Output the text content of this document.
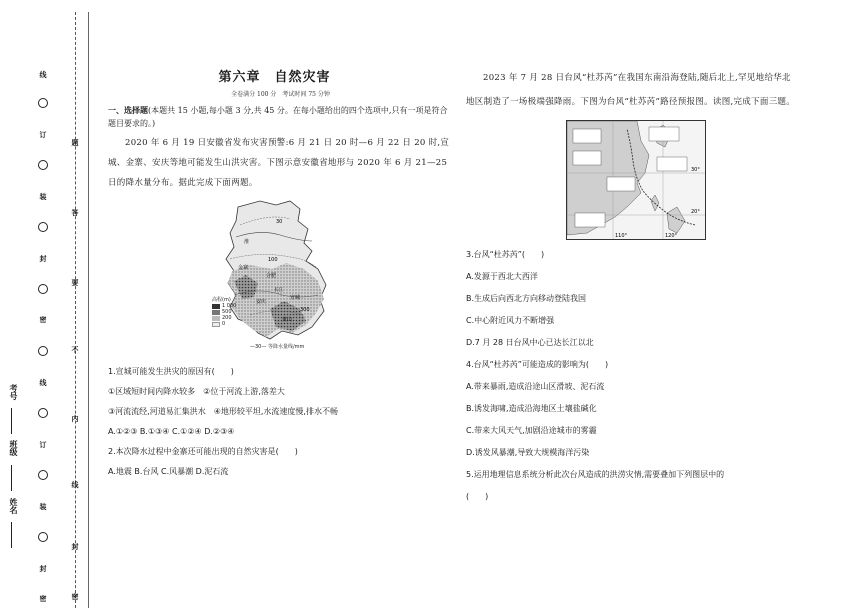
线
订
装
封
密
线
订
装
封
密
题
答
要
不
内
线
封
密
考号
班级
姓名
第六章　自然灾害
全卷满分 100 分　考试时间 75 分钟
一、选择题(本题共 15 小题,每小题 3 分,共 45 分。在每小题给出的四个选项中,只有一项是符合题目要求的。)
2020 年 6 月 19 日安徽省发布灾害预警:6 月 21 日 20 时—6 月 22 日 20 时,宣城、金寨、安庆等地可能发生山洪灾害。下图示意安徽省地形与 2020 年 6 月 21—25 日的降水量分布。据此完成下面两题。
30
淮
100
合肥
金寨
安庆
宣城
黄山
长江
300
高程(m)
1 000
500
200
0
—30— 等降水量线/mm
1.宣城可能发生洪灾的原因有(　　)
①区域短时间内降水较多　②位于河流上游,落差大
③河流流经,河道易汇集洪水　④地形较平坦,水流速度慢,排水不畅
A.①②③ B.①③④ C.①②④ D.②③④
2.本次降水过程中金寨还可能出现的自然灾害是(　　)
A.地震 B.台风 C.风暴潮 D.泥石流
2023 年 7 月 28 日台风“杜苏芮”在我国东南沿海登陆,随后北上,罕见地给华北地区制造了一场极端强降雨。下图为台风“杜苏芮”路径预报图。读图,完成下面三题。
110°	120°
30°
20°
3.台风“杜苏芮”(　　)
A.发源于西北大西洋
B.生成后向西北方向移动登陆我国
C.中心附近风力不断增强
D.7 月 28 日台风中心已达长江以北
4.台风“杜苏芮”可能造成的影响为(　　)
A.带来暴雨,造成沿途山区滑坡、泥石流
B.诱发海啸,造成沿海地区土壤盐碱化
C.带来大风天气,加剧沿途城市的雾霾
D.诱发风暴潮,导致大规模海洋污染
5.运用地理信息系统分析此次台风造成的洪涝灾情,需要叠加下列图层中的
(　　)
